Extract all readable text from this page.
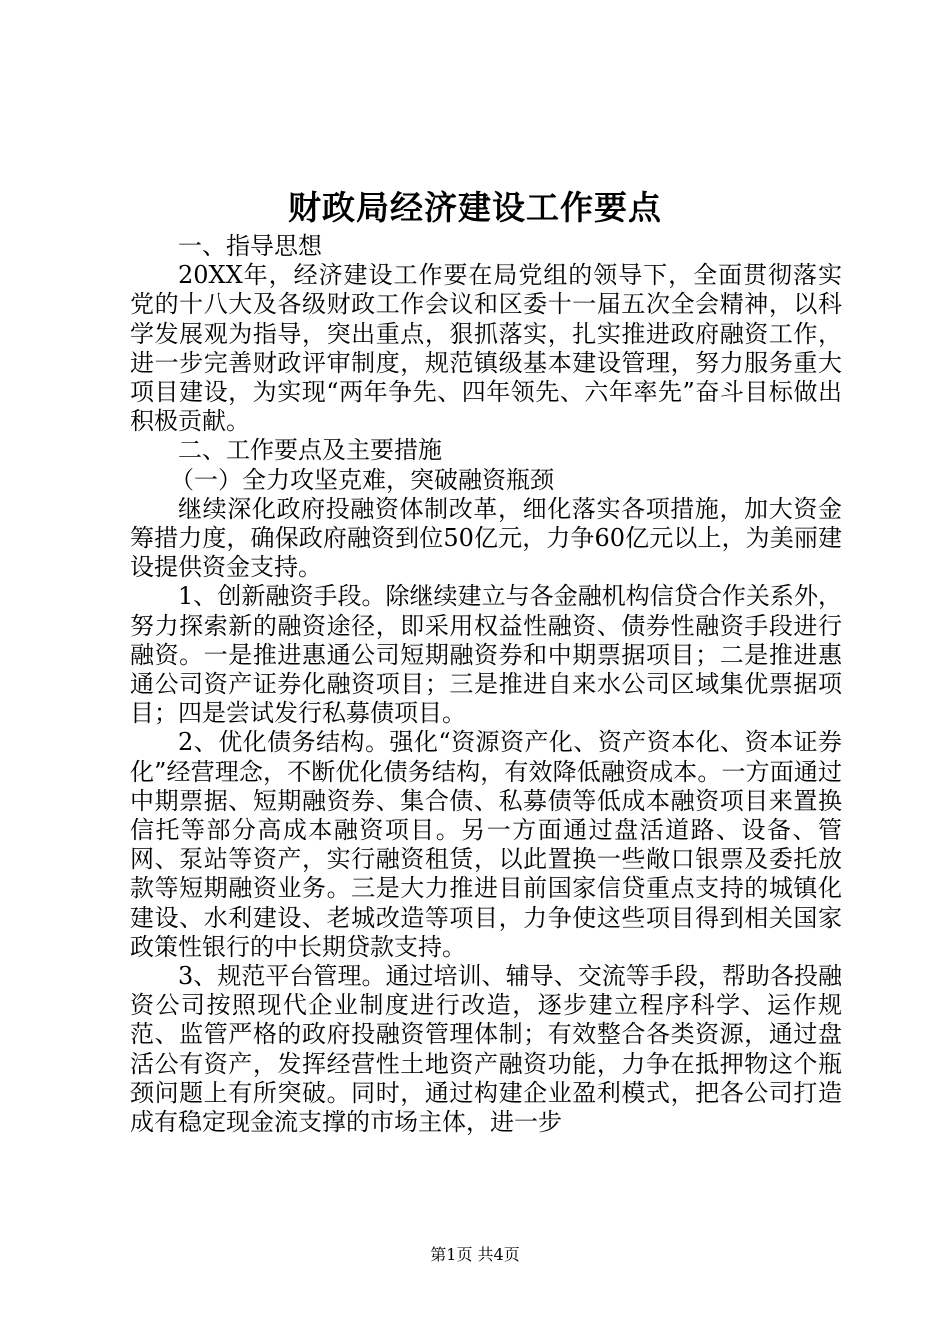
财政局经济建设工作要点

一、指导思想

20XX年，经济建设工作要在局党组的领导下，全面贯彻落实党的十八大及各级财政工作会议和区委十一届五次全会精神，以科学发展观为指导，突出重点，狠抓落实，扎实推进政府融资工作，进一步完善财政评审制度，规范镇级基本建设管理，努力服务重大项目建设，为实现“两年争先、四年领先、六年率先”奋斗目标做出积极贡献。

二、工作要点及主要措施

（一）全力攻坚克难，突破融资瓶颈

继续深化政府投融资体制改革，细化落实各项措施，加大资金筹措力度，确保政府融资到位50亿元，力争60亿元以上，为美丽建设提供资金支持。

1、创新融资手段。除继续建立与各金融机构信贷合作关系外，努力探索新的融资途径，即采用权益性融资、债券性融资手段进行融资。一是推进惠通公司短期融资券和中期票据项目；二是推进惠通公司资产证券化融资项目；三是推进自来水公司区域集优票据项目；四是尝试发行私募债项目。

2、优化债务结构。强化“资源资产化、资产资本化、资本证券化”经营理念，不断优化债务结构，有效降低融资成本。一方面通过中期票据、短期融资券、集合债、私募债等低成本融资项目来置换信托等部分高成本融资项目。另一方面通过盘活道路、设备、管网、泵站等资产，实行融资租赁，以此置换一些敞口银票及委托放款等短期融资业务。三是大力推进目前国家信贷重点支持的城镇化建设、水利建设、老城改造等项目，力争使这些项目得到相关国家政策性银行的中长期贷款支持。

3、规范平台管理。通过培训、辅导、交流等手段，帮助各投融资公司按照现代企业制度进行改造，逐步建立程序科学、运作规范、监管严格的政府投融资管理体制；有效整合各类资源，通过盘活公有资产，发挥经营性土地资产融资功能，力争在抵押物这个瓶颈问题上有所突破。同时，通过构建企业盈利模式，把各公司打造成有稳定现金流支撑的市场主体，进一步

第1页 共4页
